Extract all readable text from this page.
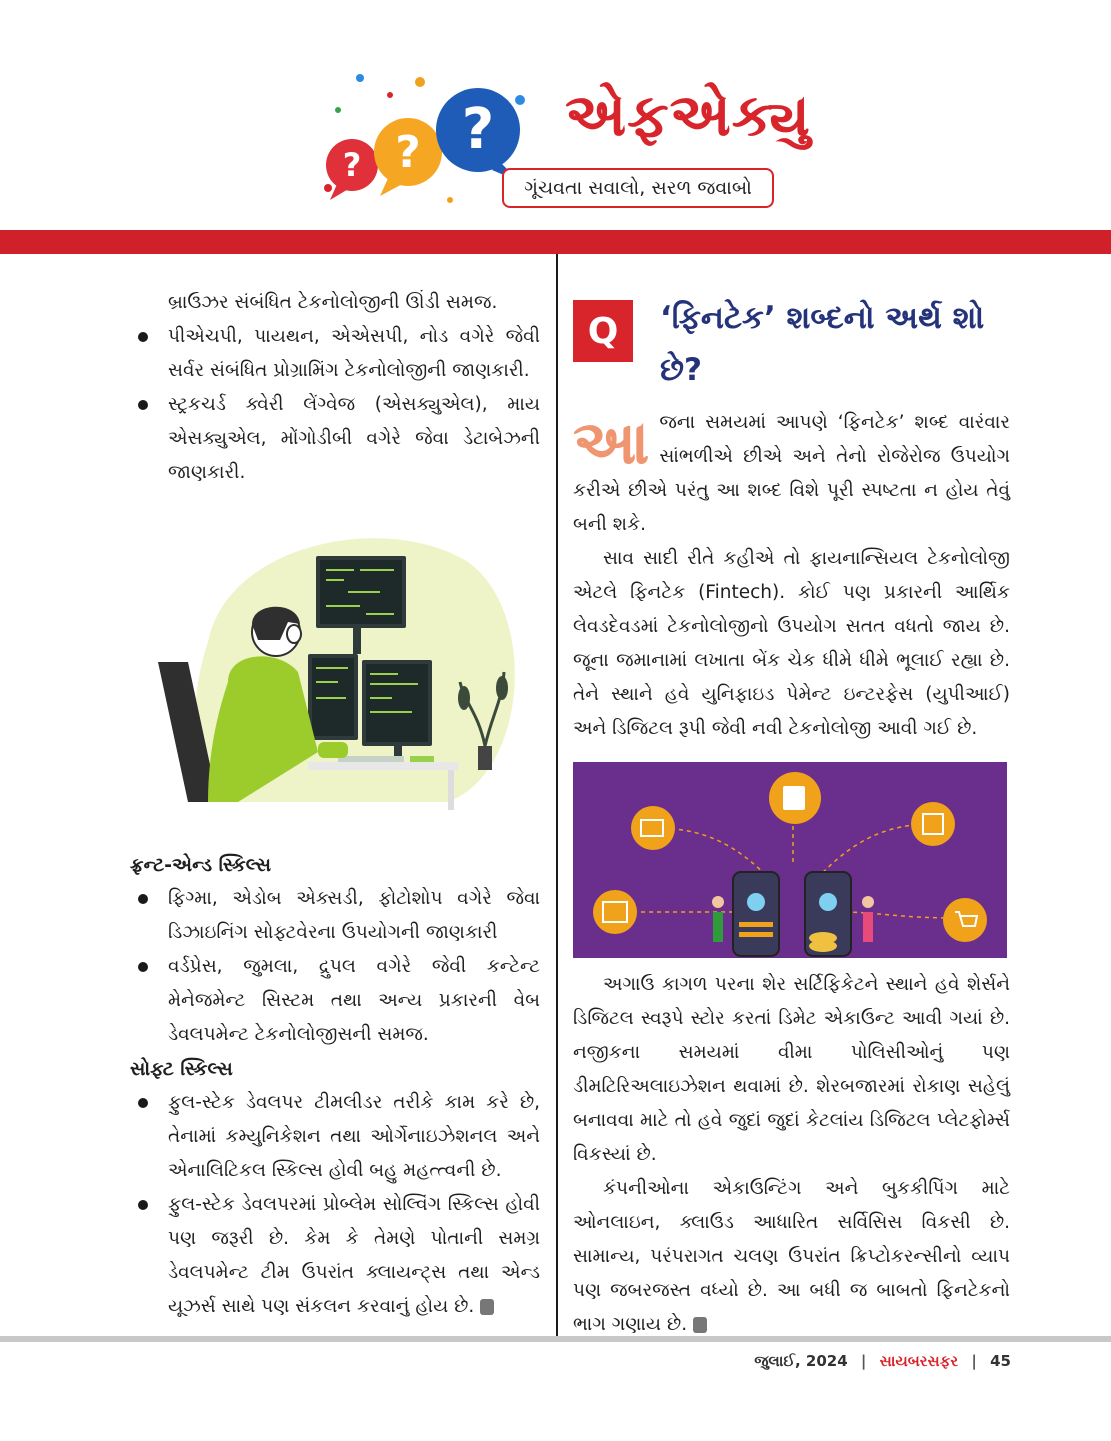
? ? ? એફએક્યુ
ગૂંચવતા સવાલો, સરળ જવાબો

બ્રાઉઝર સંબંધિત ટેકનોલોજીની ઊંડી સમજ.

પીએચપી, પાયથન, એએસપી, નોડ વગેરે જેવી સર્વર સંબંધિત પ્રોગ્રામિંગ ટેકનોલોજીની જાણકારી.
સ્ટ્રકચર્ડ ક્વેરી લેંગ્વેજ (એસક્યુએલ), માય એસક્યુએલ, મોંગોડીબી વગેરે જેવા ડેટાબેઝની જાણકારી.

ફ્રન્ટ-એન્ડ સ્કિલ્સ

ફિગ્મા, એડોબ એક્સડી, ફોટોશોપ વગેરે જેવા ડિઝાઇનિંગ સોફ્ટવેરના ઉપયોગની જાણકારી
વર્ડપ્રેસ, જુમલા, દ્રુપલ વગેરે જેવી કન્ટેન્ટ મેનેજમેન્ટ સિસ્ટમ તથા અન્ય પ્રકારની વેબ ડેવલપમેન્ટ ટેકનોલોજીસની સમજ.

સોફ્ટ સ્કિલ્સ

ફુલ-સ્ટેક ડેવલપર ટીમલીડર તરીકે કામ કરે છે, તેનામાં કમ્યુનિકેશન તથા ઓર્ગેનાઇઝેશનલ અને એનાલિટિકલ સ્કિલ્સ હોવી બહુ મહત્ત્વની છે.
ફુલ-સ્ટેક ડેવલપરમાં પ્રોબ્લેમ સોલ્વિંગ સ્કિલ્સ હોવી પણ જરૂરી છે. કેમ કે તેમણે પોતાની સમગ્ર ડેવલપમેન્ટ ટીમ ઉપરાંત ક્લાયન્ટ્સ તથા એન્ડ યૂઝર્સ સાથે પણ સંકલન કરવાનું હોય છે.
Q	‘ફિનટેક’ શબ્દનો અર્થ શો છે?

આજના સમયમાં આપણે ‘ફિનટેક’ શબ્દ વારંવાર સાંભળીએ છીએ અને તેનો રોજેરોજ ઉપયોગ કરીએ છીએ પરંતુ આ શબ્દ વિશે પૂરી સ્પષ્ટતા ન હોય તેવું બની શકે.

સાવ સાદી રીતે કહીએ તો ફાયનાન્સિયલ ટેકનોલોજી એટલે ફિનટેક (Fintech). કોઈ પણ પ્રકારની આર્થિક લેવડદેવડમાં ટેકનોલોજીનો ઉપયોગ સતત વધતો જાય છે. જૂના જમાનામાં લખાતા બેંક ચેક ધીમે ધીમે ભૂલાઈ રહ્યા છે. તેને સ્થાને હવે યુનિફાઇડ પેમેન્ટ ઇન્ટરફેસ (યુપીઆઈ) અને ડિજિટલ રૂપી જેવી નવી ટેકનોલોજી આવી ગઈ છે.

અગાઉ કાગળ પરના શેર સર્ટિફિકેટને સ્થાને હવે શેર્સને ડિજિટલ સ્વરૂપે સ્ટોર કરતાં ડિમેટ એકાઉન્ટ આવી ગયાં છે. નજીકના સમયમાં વીમા પોલિસીઓનું પણ ડીમટિરિઅલાઇઝેશન થવામાં છે. શેરબજારમાં રોકાણ સહેલું બનાવવા માટે તો હવે જુદાં જુદાં કેટલાંય ડિજિટલ પ્લેટફોર્મ્સ વિકસ્યાં છે.

કંપનીઓના એકાઉન્ટિંગ અને બુકકીપિંગ માટે ઓનલાઇન, ક્લાઉડ આધારિત સર્વિસિસ વિકસી છે. સામાન્ય, પરંપરાગત ચલણ ઉપરાંત ક્રિપ્ટોકરન્સીનો વ્યાપ પણ જબરજસ્ત વધ્યો છે. આ બધી જ બાબતો ફિનટેકનો ભાગ ગણાય છે.

જુલાઈ, 2024 | સાયબરસફર | 45
